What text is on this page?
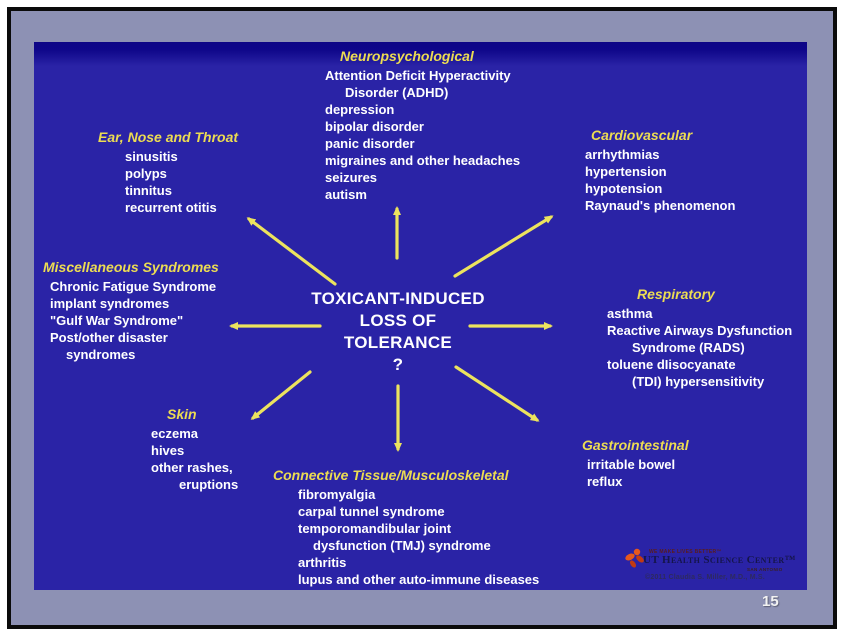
15
TOXICANT-INDUCED
LOSS OF
TOLERANCE
?
Neuropsychological
Attention Deficit Hyperactivity
Disorder (ADHD)
depression
bipolar disorder
panic disorder
migraines and other headaches
seizures
autism
Ear, Nose and Throat
sinusitis
polyps
tinnitus
recurrent otitis
Cardiovascular
arrhythmias
hypertension
hypotension
Raynaud's phenomenon
Miscellaneous Syndromes
Chronic Fatigue Syndrome
implant syndromes
"Gulf War Syndrome"
Post/other disaster
syndromes
Respiratory
asthma
Reactive Airways Dysfunction
Syndrome (RADS)
toluene dIisocyanate
(TDI) hypersensitivity
Skin
eczema
hives
other rashes,
eruptions
Gastrointestinal
irritable bowel
reflux
Connective Tissue/Musculoskeletal
fibromyalgia
carpal tunnel syndrome
temporomandibular joint
dysfunction (TMJ) syndrome
arthritis
lupus and other auto-immune diseases
WE MAKE LIVES BETTER™
UT Health Science Center™
SAN ANTONIO
©2011 Claudia S. Miller, M.D., M.S.
